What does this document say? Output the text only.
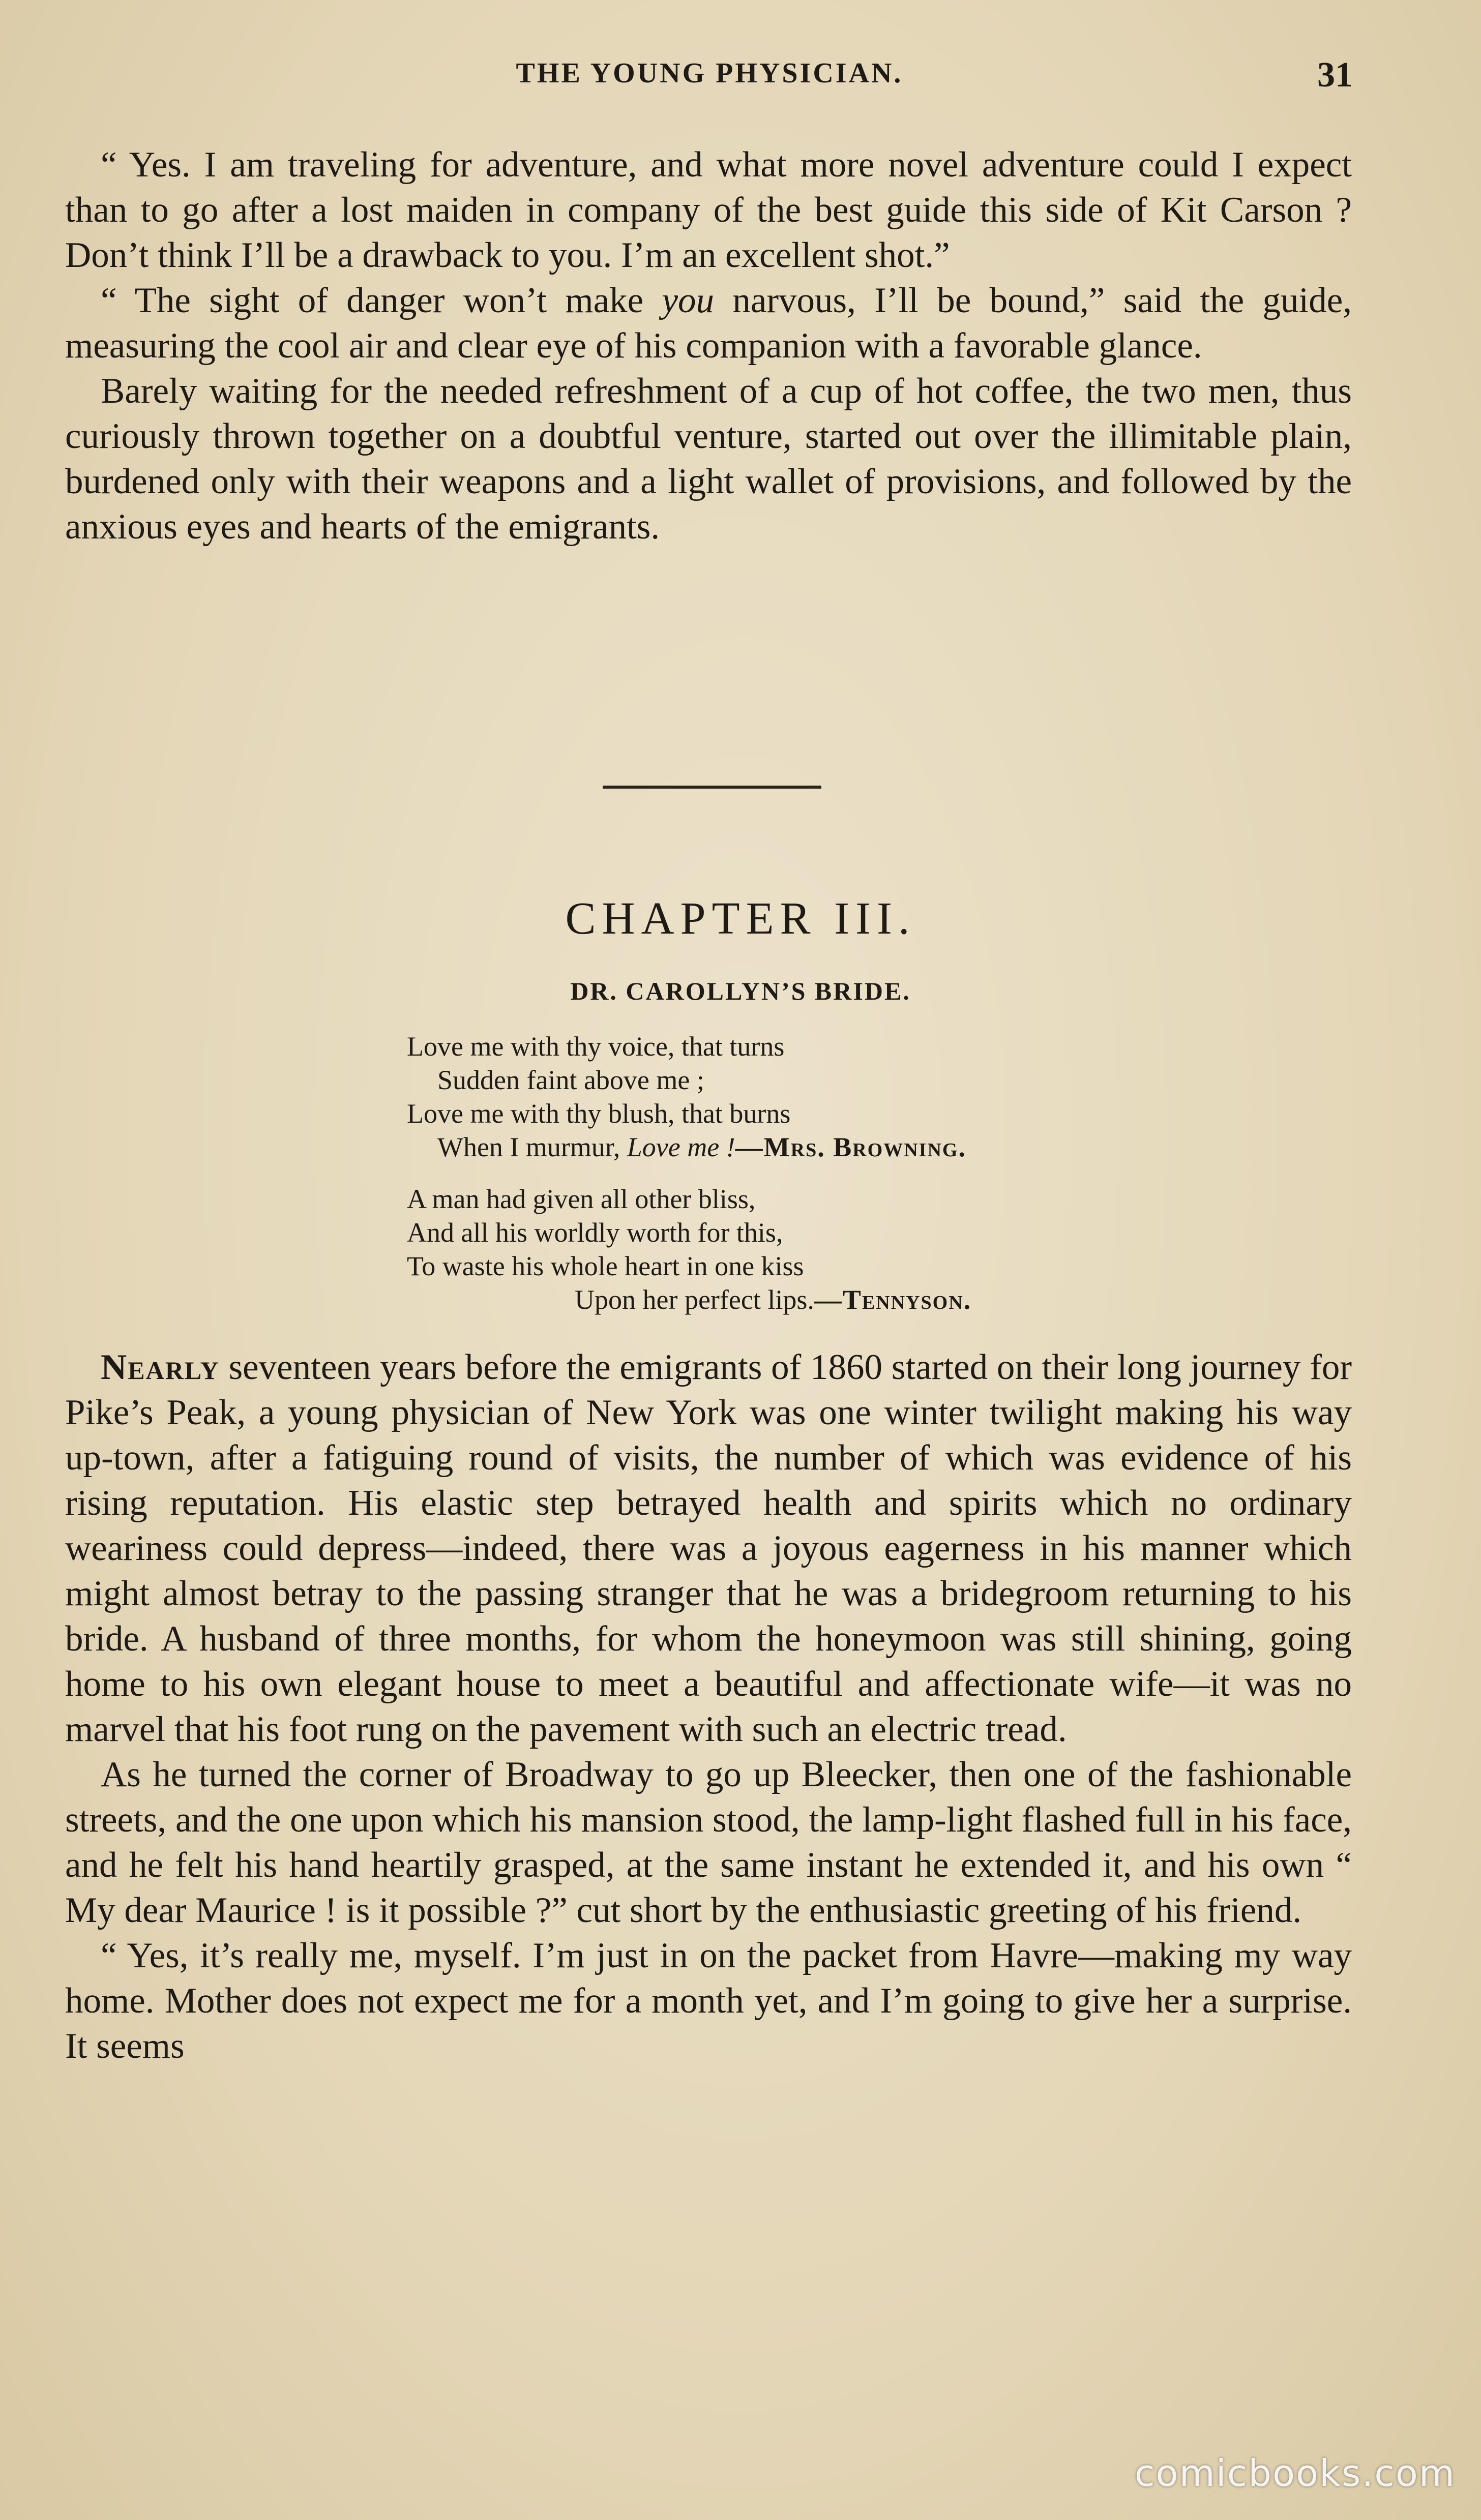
THE YOUNG PHYSICIAN.	31

“ Yes. I am traveling for adventure, and what more novel adventure could I expect than to go after a lost maiden in company of the best guide this side of Kit Carson ? Don’t think I’ll be a drawback to you. I’m an excellent shot.”

“ The sight of danger won’t make you narvous, I’ll be bound,” said the guide, measuring the cool air and clear eye of his companion with a favorable glance.

Barely waiting for the needed refreshment of a cup of hot coffee, the two men, thus curiously thrown together on a doubtful venture, started out over the illimitable plain, burdened only with their weapons and a light wallet of provisions, and followed by the anxious eyes and hearts of the emigrants.

CHAPTER III.
DR. CAROLLYN’S BRIDE.
Love me with thy voice, that turns
Sudden faint above me ;
Love me with thy blush, that burns
When I murmur, Love me !—Mrs. Browning.
A man had given all other bliss,
And all his worldly worth for this,
To waste his whole heart in one kiss
Upon her perfect lips.—Tennyson.

Nearly seventeen years before the emigrants of 1860 started on their long journey for Pike’s Peak, a young physician of New York was one winter twilight making his way up-town, after a fatiguing round of visits, the number of which was evidence of his rising reputation. His elastic step betrayed health and spirits which no ordinary weariness could depress—indeed, there was a joyous eagerness in his manner which might almost betray to the passing stranger that he was a bridegroom returning to his bride. A husband of three months, for whom the honeymoon was still shining, going home to his own elegant house to meet a beautiful and affectionate wife—it was no marvel that his foot rung on the pavement with such an electric tread.

As he turned the corner of Broadway to go up Bleecker, then one of the fashionable streets, and the one upon which his mansion stood, the lamp-light flashed full in his face, and he felt his hand heartily grasped, at the same instant he extended it, and his own “ My dear Maurice ! is it possible ?” cut short by the enthusiastic greeting of his friend.

“ Yes, it’s really me, myself. I’m just in on the packet from Havre—making my way home. Mother does not expect me for a month yet, and I’m going to give her a surprise. It seems

comicbooks.com
